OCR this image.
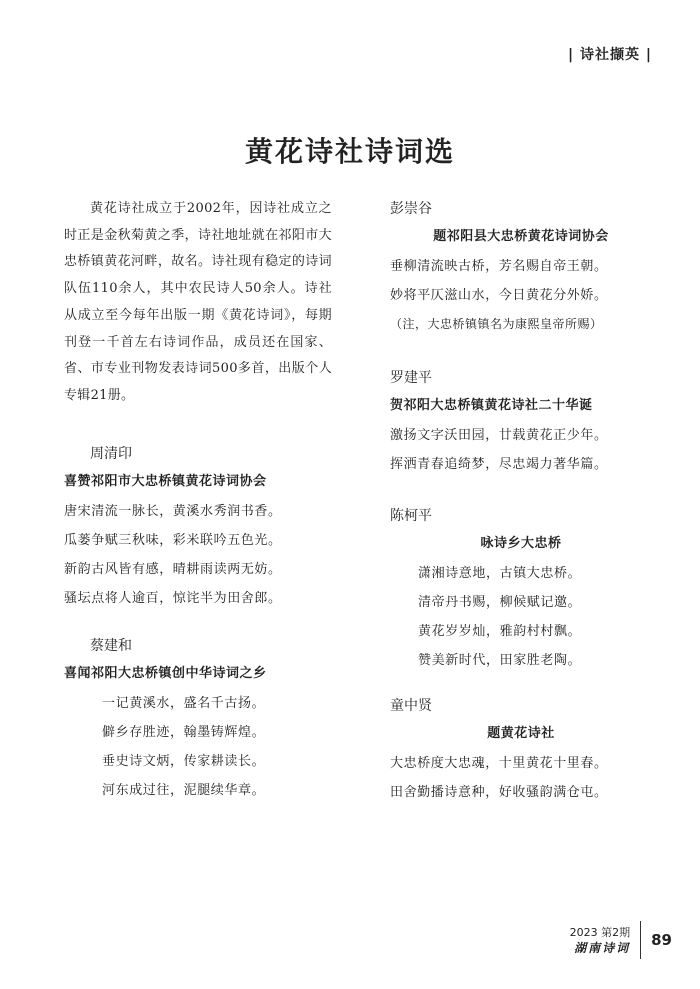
| 诗社撷英 |
黄花诗社诗词选

黄花诗社成立于2002年，因诗社成立之时正是金秋菊黄之季，诗社地址就在祁阳市大忠桥镇黄花河畔，故名。诗社现有稳定的诗词队伍110余人，其中农民诗人50余人。诗社从成立至今每年出版一期《黄花诗词》，每期刊登一千首左右诗词作品，成员还在国家、省、市专业刊物发表诗词500多首，出版个人专辑21册。

周清印
喜赞祁阳市大忠桥镇黄花诗词协会
唐宋清流一脉长，黄溪水秀润书香。
瓜蒌争赋三秋味，彩米联吟五色光。
新韵古风皆有感，晴耕雨读两无妨。
骚坛点将人逾百，惊诧半为田舍郎。
蔡建和
喜闻祁阳大忠桥镇创中华诗词之乡
一记黄溪水，盛名千古扬。
僻乡存胜迹，翰墨铸辉煌。
垂史诗文炳，传家耕读长。
河东成过往，泥腿续华章。
彭崇谷
题祁阳县大忠桥黄花诗词协会
垂柳清流映古桥，芳名赐自帝王朝。
妙将平仄滋山水，今日黄花分外娇。
（注，大忠桥镇镇名为康熙皇帝所赐）
罗建平
贺祁阳大忠桥镇黄花诗社二十华诞
激扬文字沃田园，廿载黄花正少年。
挥洒青春追绮梦，尽忠竭力著华篇。
陈柯平
咏诗乡大忠桥
潇湘诗意地，古镇大忠桥。
清帝丹书赐，柳候赋记邀。
黄花岁岁灿，雅韵村村飘。
赞美新时代，田家胜老陶。
童中贤
题黄花诗社
大忠桥度大忠魂，十里黄花十里春。
田舍勤播诗意种，好收骚韵满仓屯。
2023 第2期
湖南诗词 89
